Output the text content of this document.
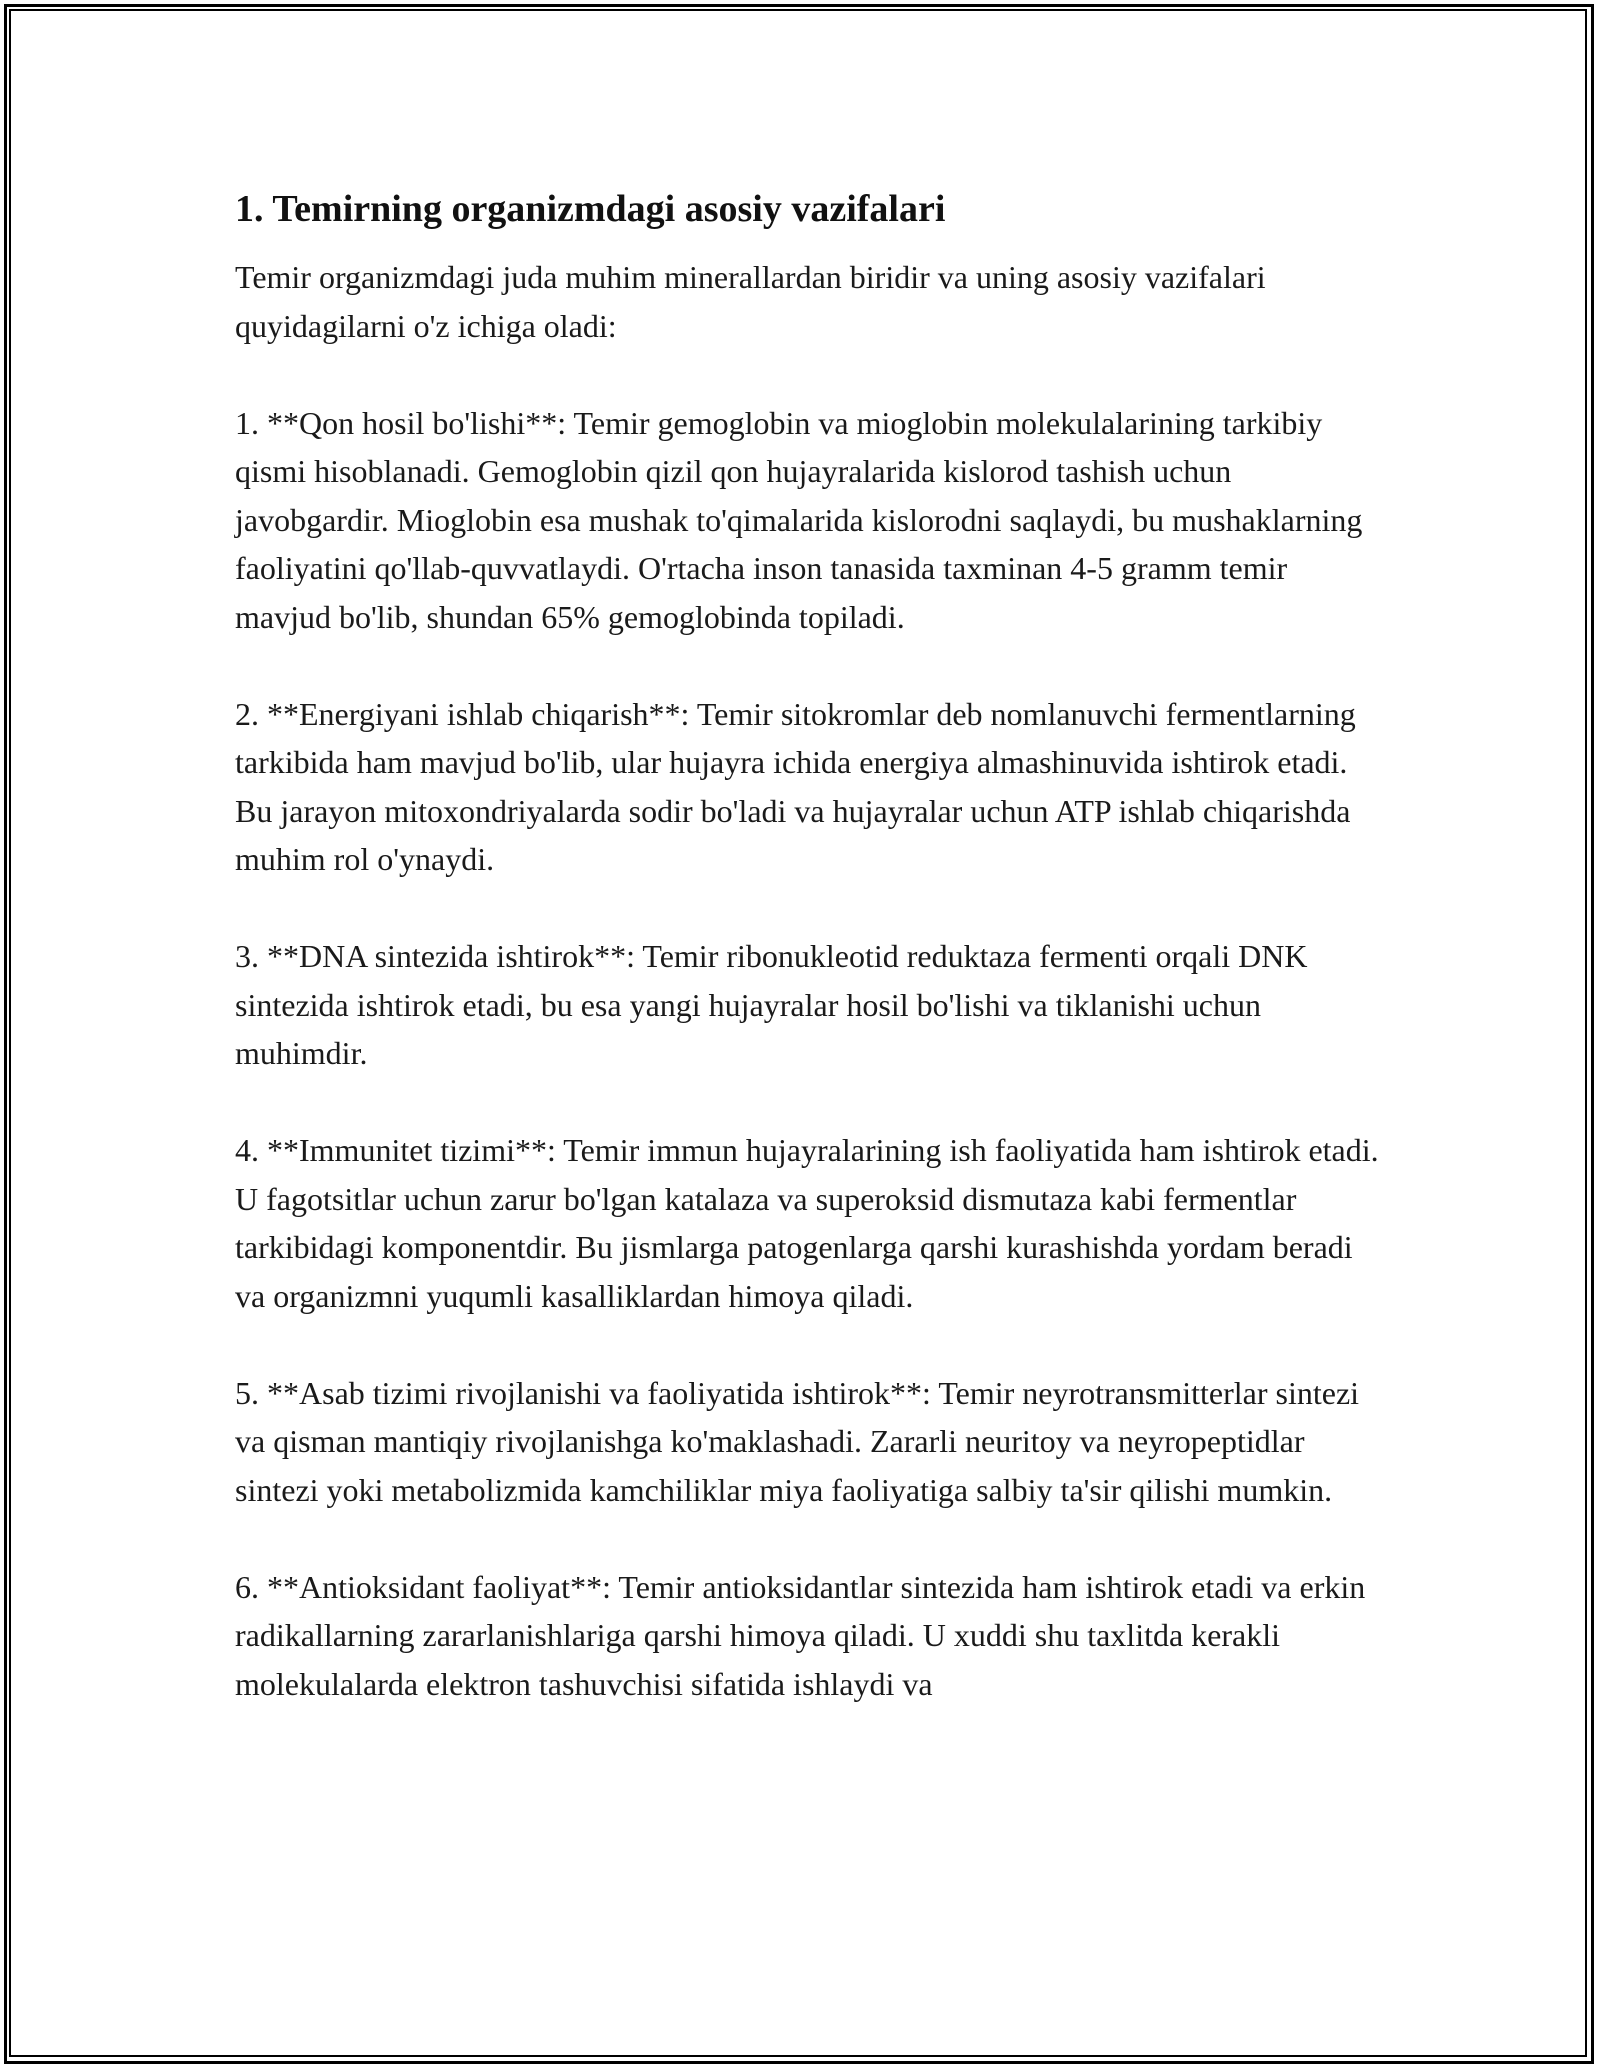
1. Temirning organizmdagi asosiy vazifalari

Temir organizmdagi juda muhim minerallardan biridir va uning asosiy vazifalari quyidagilarni o'z ichiga oladi:

1. **Qon hosil bo'lishi**: Temir gemoglobin va mioglobin molekulalarining tarkibiy qismi hisoblanadi. Gemoglobin qizil qon hujayralarida kislorod tashish uchun javobgardir. Mioglobin esa mushak to'qimalarida kislorodni saqlaydi, bu mushaklarning faoliyatini qo'llab-quvvatlaydi. O'rtacha inson tanasida taxminan 4-5 gramm temir mavjud bo'lib, shundan 65% gemoglobinda topiladi.

2. **Energiyani ishlab chiqarish**: Temir sitokromlar deb nomlanuvchi fermentlarning tarkibida ham mavjud bo'lib, ular hujayra ichida energiya almashinuvida ishtirok etadi. Bu jarayon mitoxondriyalarda sodir bo'ladi va hujayralar uchun ATP ishlab chiqarishda muhim rol o'ynaydi.

3. **DNA sintezida ishtirok**: Temir ribonukleotid reduktaza fermenti orqali DNK sintezida ishtirok etadi, bu esa yangi hujayralar hosil bo'lishi va tiklanishi uchun muhimdir.

4. **Immunitet tizimi**: Temir immun hujayralarining ish faoliyatida ham ishtirok etadi. U fagotsitlar uchun zarur bo'lgan katalaza va superoksid dismutaza kabi fermentlar tarkibidagi komponentdir. Bu jismlarga patogenlarga qarshi kurashishda yordam beradi va organizmni yuqumli kasalliklardan himoya qiladi.

5. **Asab tizimi rivojlanishi va faoliyatida ishtirok**: Temir neyrotransmitterlar sintezi va qisman mantiqiy rivojlanishga ko'maklashadi. Zararli neuritoy va neyropeptidlar sintezi yoki metabolizmida kamchiliklar miya faoliyatiga salbiy ta'sir qilishi mumkin.

6. **Antioksidant faoliyat**: Temir antioksidantlar sintezida ham ishtirok etadi va erkin radikallarning zararlanishlariga qarshi himoya qiladi. U xuddi shu taxlitda kerakli molekulalarda elektron tashuvchisi sifatida ishlaydi va
